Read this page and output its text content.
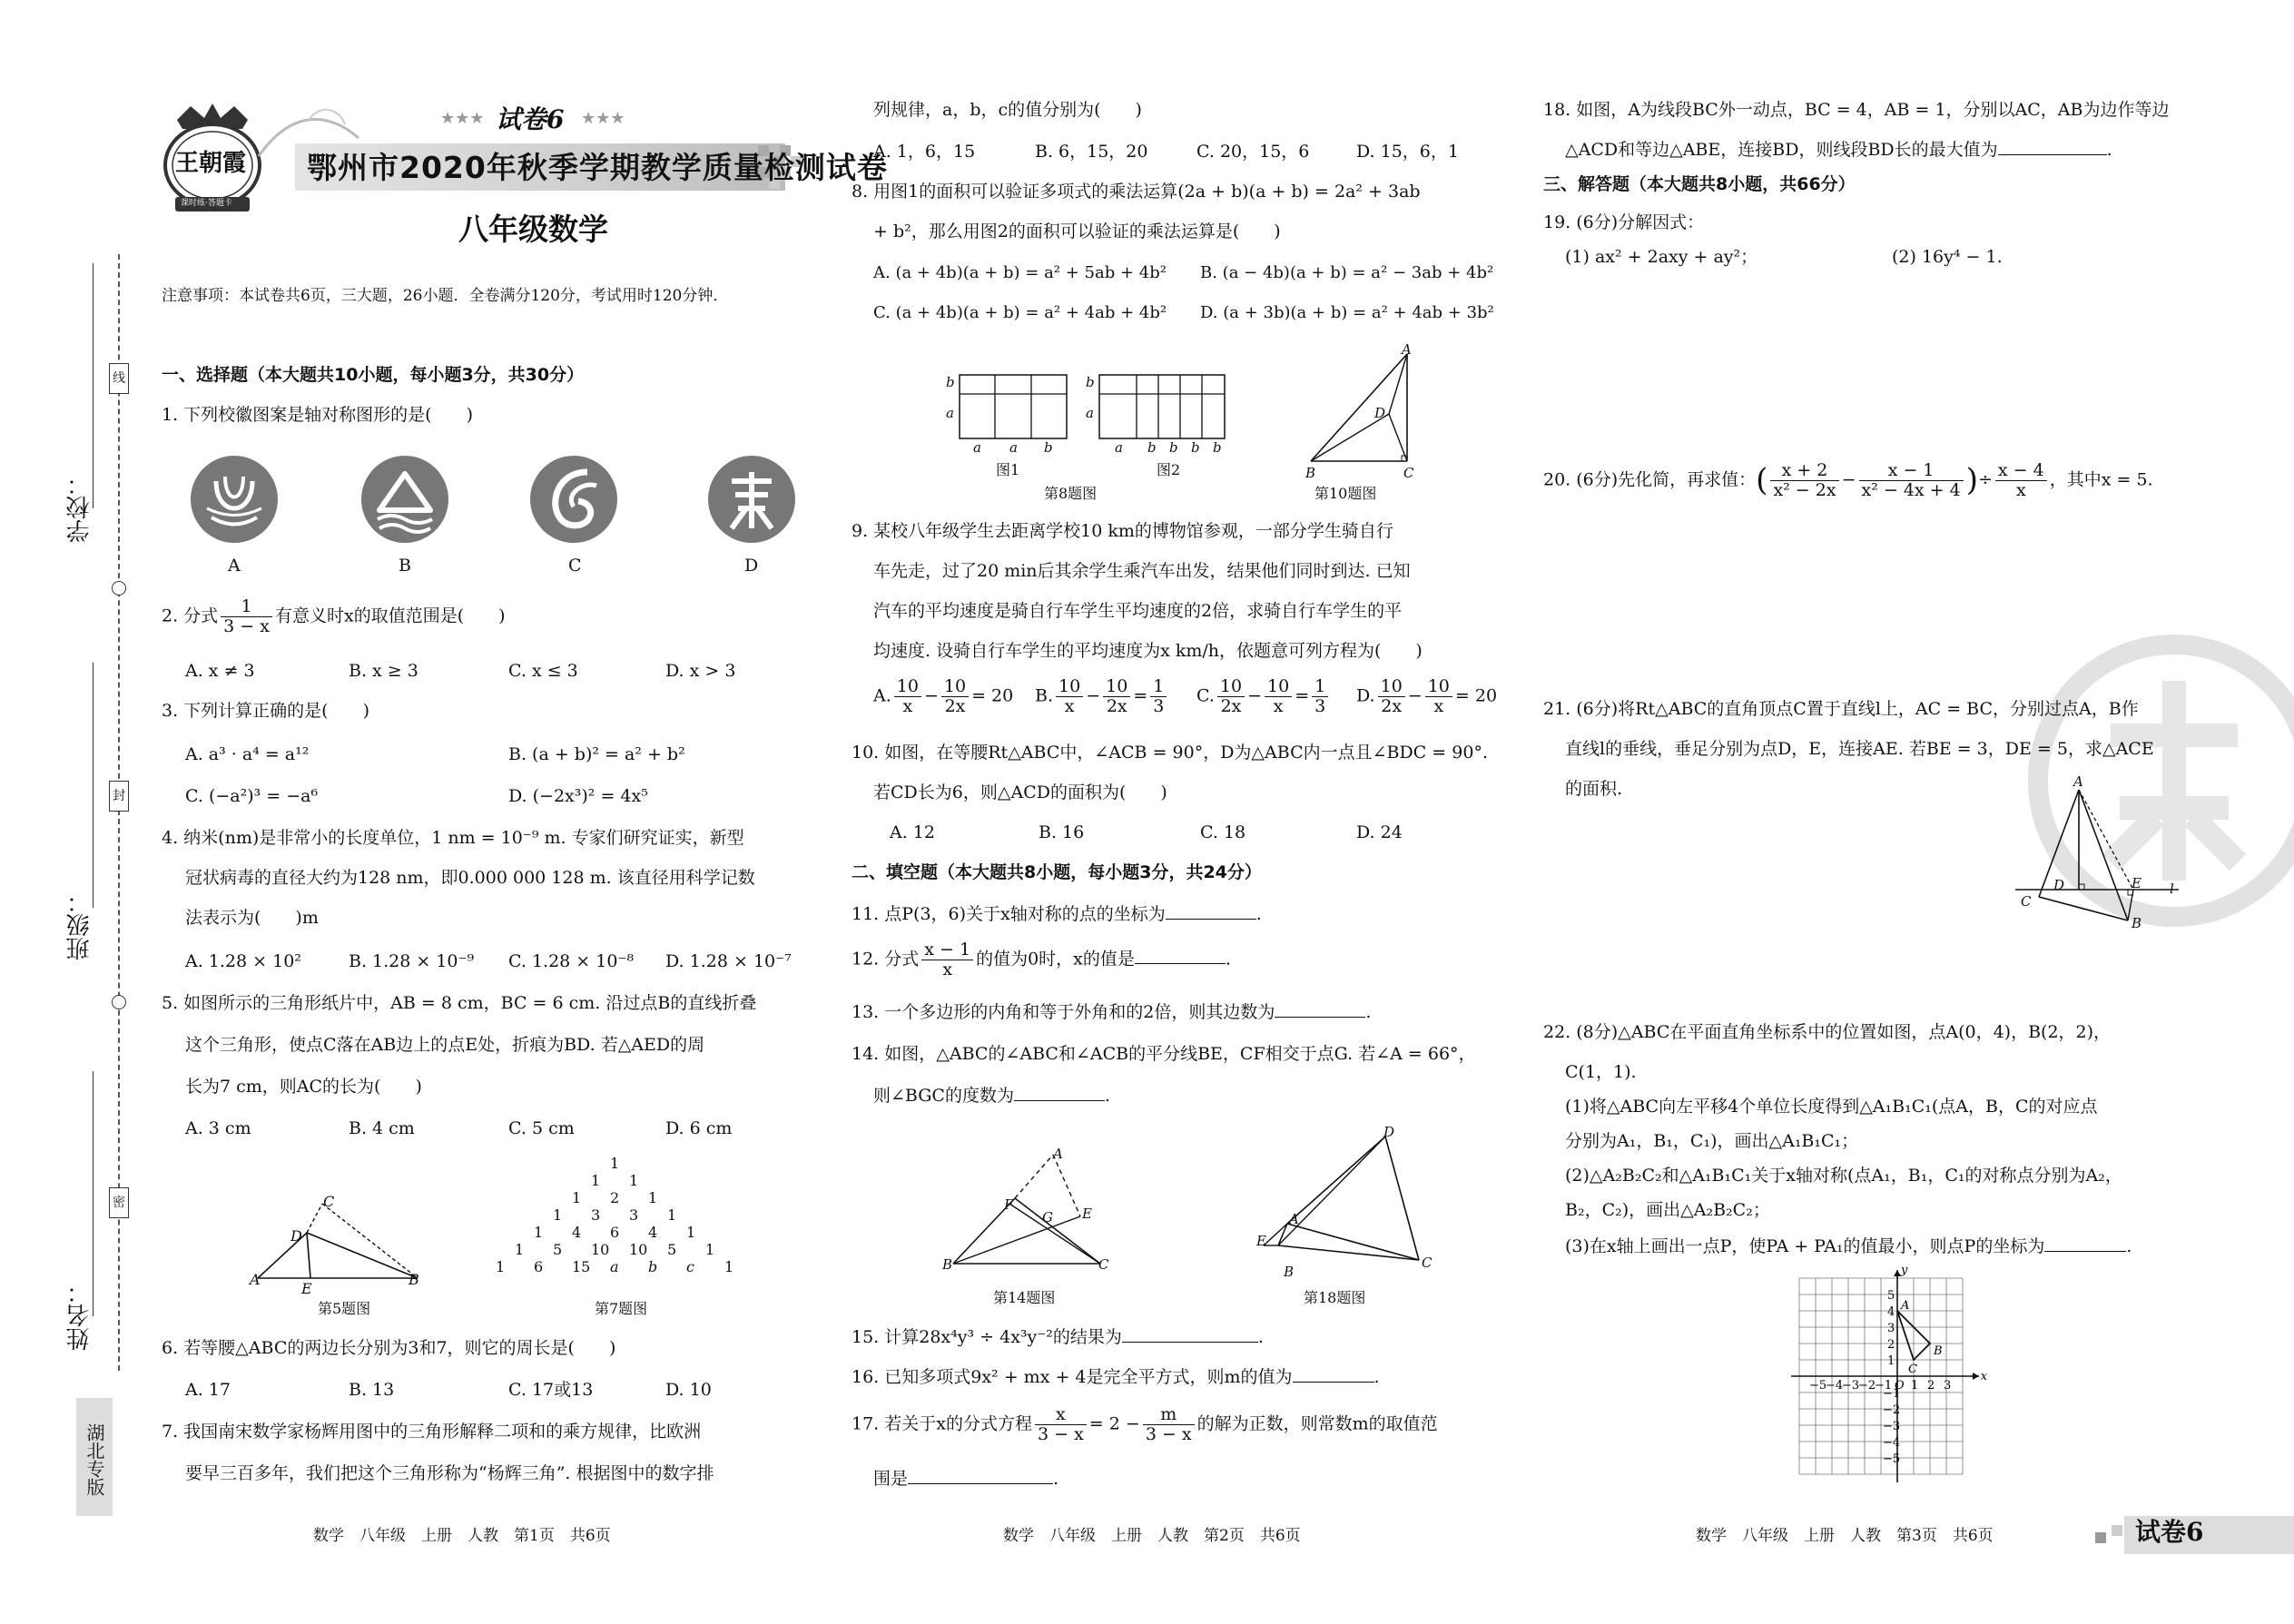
学校：
班级：
姓名：
线
封
密
湖北专版
王朝霞
课时练·答题卡
★★★ 试卷6 ★★★
鄂州市2020年秋季学期教学质量检测试卷
八年级数学
注意事项：本试卷共6页，三大题，26小题．全卷满分120分，考试用时120分钟．
一、选择题（本大题共10小题，每小题3分，共30分）
1. 下列校徽图案是轴对称图形的是(　　)
A	B	C	D
2. 分式 $\frac{1}{3 - x}$ 有意义时x的取值范围是(　　)
A. x ≠ 3	B. x ≥ 3	C. x ≤ 3	D. x > 3
3. 下列计算正确的是(　　)
A. a³ · a⁴ = a¹²	B. (a + b)² = a² + b²
C. (−a²)³ = −a⁶	D. (−2x³)² = 4x⁵
4. 纳米(nm)是非常小的长度单位，1 nm = 10⁻⁹ m. 专家们研究证实，新型
冠状病毒的直径大约为128 nm，即0.000 000 128 m. 该直径用科学记数
法表示为(　　)m
A. 1.28 × 10²	B. 1.28 × 10⁻⁹ C. 1.28 × 10⁻⁸ D. 1.28 × 10⁻⁷
5. 如图所示的三角形纸片中，AB = 8 cm，BC = 6 cm. 沿过点B的直线折叠
这个三角形，使点C落在AB边上的点E处，折痕为BD. 若△AED的周
长为7 cm，则AC的长为(　　)
A. 3 cm	B. 4 cm	C. 5 cm	D. 6 cm
C
D
A
E
B
第5题图
1
1 1
1 2 1
1 3 3 1
1 4 6 4 1
1 5 10 10 5 1
1 6 15 a b c 1
第7题图
6. 若等腰△ABC的两边长分别为3和7，则它的周长是(　　)
A. 17	B. 13	C. 17或13	D. 10
7. 我国南宋数学家杨辉用图中的三角形解释二项和的乘方规律，比欧洲
要早三百多年，我们把这个三角形称为“杨辉三角”. 根据图中的数字排
数学　八年级　上册　人教　第1页　共6页
列规律，a，b，c的值分别为(　　)
A. 1，6，15	B. 6，15，20	C. 20，15，6	D. 15，6，1
8. 用图1的面积可以验证多项式的乘法运算(2a + b)(a + b) = 2a² + 3ab
+ b²，那么用图2的面积可以验证的乘法运算是(　　)
A. (a + 4b)(a + b) = a² + 5ab + 4b² B. (a − 4b)(a + b) = a² − 3ab + 4b²
C. (a + 4b)(a + b) = a² + 4ab + 4b² D. (a + 3b)(a + b) = a² + 4ab + 3b²
b
a
a a b
图1
b
a
a b b b b
图2
第8题图
A
D
B	C
第10题图
9. 某校八年级学生去距离学校10 km的博物馆参观，一部分学生骑自行
车先走，过了20 min后其余学生乘汽车出发，结果他们同时到达. 已知
汽车的平均速度是骑自行车学生平均速度的2倍，求骑自行车学生的平
均速度. 设骑自行车学生的平均速度为x km/h，依题意可列方程为(　　)
A. $\frac{10}{x} - \frac{10}{2x} = 20$ B. $\frac{10}{x} - \frac{10}{2x} = \frac{1}{3} C$. $\frac{10}{2x} - \frac{10}{x} = \frac{1}{3} D$. $\frac{10}{2x} - \frac{10}{x} = 20$
10. 如图，在等腰Rt△ABC中，∠ACB = 90°，D为△ABC内一点且∠BDC = 90°.
若CD长为6，则△ACD的面积为(　　)
A. 12	B. 16	C. 18	D. 24
二、填空题（本大题共8小题，每小题3分，共24分）
11. 点P(3，6)关于x轴对称的点的坐标为	.
12. 分式 $\frac{x - 1}{x}$ 的值为0时，x的值是	.
13. 一个多边形的内角和等于外角和的2倍，则其边数为	.
14. 如图，△ABC的∠ABC和∠ACB的平分线BE，CF相交于点G. 若∠A = 66°，
则∠BGC的度数为	.
A
F
G E
B	C
第14题图
D
A
E
B
C
第18题图
15. 计算28x⁴y³ ÷ 4x³y⁻²的结果为	.
16. 已知多项式9x² + mx + 4是完全平方式，则m的值为	.
17. 若关于x的分式方程 $\frac{x}{3 - x} = 2 - \frac{m}{3 - x}$ 的解为正数，则常数m的取值范
围是	.
数学　八年级　上册　人教　第2页　共6页
18. 如图，A为线段BC外一动点，BC = 4，AB = 1，分别以AC，AB为边作等边
△ACD和等边△ABE，连接BD，则线段BD长的最大值为	.
三、解答题（本大题共8小题，共66分）
19. (6分)分解因式：
(1) ax² + 2axy + ay²；	(2) 16y⁴ − 1.
20. (6分)先化简，再求值：( $\frac{x + 2}{\text{x² − 2x}} - \frac{x - 1}{\text{x² − 4x + 4}}$ )÷ $\frac{x - 4}{x}$ ，其中x = 5.
21. (6分)将Rt△ABC的直角顶点C置于直线l上，AC = BC，分别过点A，B作
直线l的垂线，垂足分别为点D，E，连接AE. 若BE = 3，DE = 5，求△ACE
的面积.	A
D	E l
C
B
22. (8分)△ABC在平面直角坐标系中的位置如图，点A(0，4)，B(2，2)，
C(1，1).
(1)将△ABC向左平移4个单位长度得到△A₁B₁C₁(点A，B，C的对应点
分别为A₁，B₁，C₁)，画出△A₁B₁C₁；
(2)△A₂B₂C₂和△A₁B₁C₁关于x轴对称(点A₁，B₁，C₁的对称点分别为A₂，
B₂，C₂)，画出△A₂B₂C₂；
(3)在x轴上画出一点P，使PA + PA₁的值最小，则点P的坐标为	.
x
y
−5
−4
−3
−2
−1 O 1 2 3
5
4
3
2
1
−1
−2
−3
−4
−5
A
B
C
数学　八年级　上册　人教　第3页　共6页	试卷6
